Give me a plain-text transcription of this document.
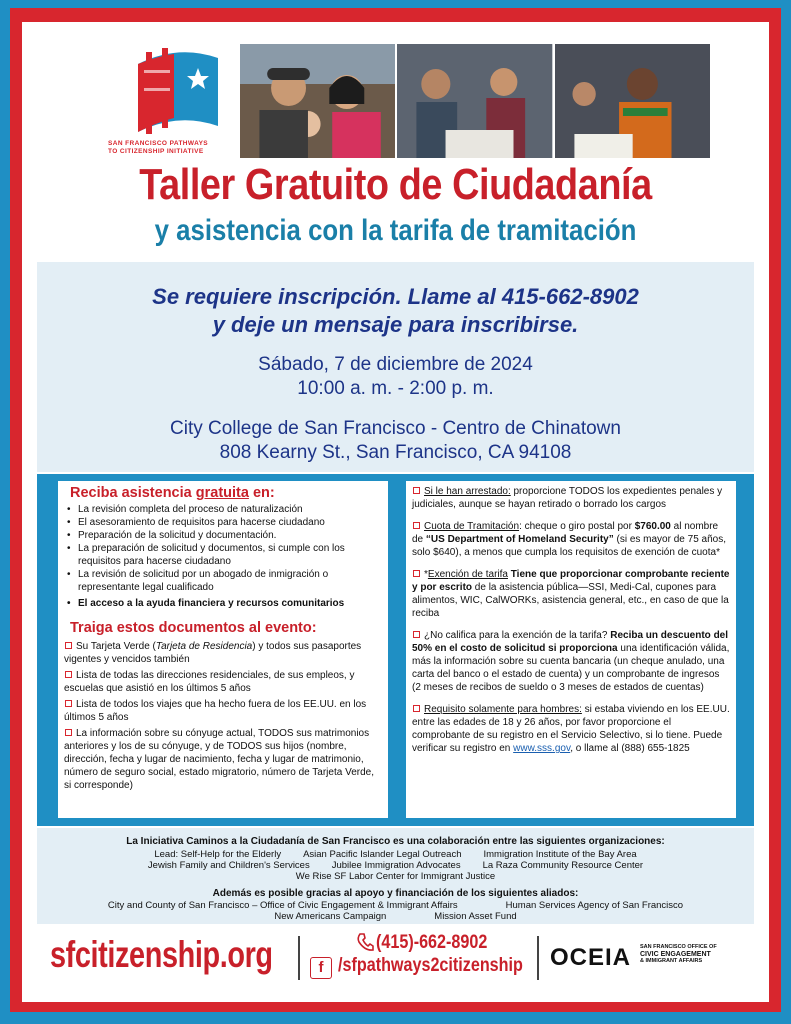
SAN FRANCISCO PATHWAYS
TO CITIZENSHIP INITIATIVE
Taller Gratuito de Ciudadanía
y asistencia con la tarifa de tramitación
Se requiere inscripción. Llame al 415-662-8902
y deje un mensaje para inscribirse.
Sábado, 7 de diciembre de 2024
10:00 a. m. - 2:00 p. m.
City College de San Francisco - Centro de Chinatown
808 Kearny St., San Francisco, CA 94108
Reciba asistencia gratuita en:
• La revisión completa del proceso de naturalización
• El asesoramiento de requisitos para hacerse ciudadano
• Preparación de la solicitud y documentación.
• La preparación de solicitud y documentos, si cumple con los requisitos para hacerse ciudadano
• La revisión de solicitud por un abogado de inmigración o representante legal cualificado
• El acceso a la ayuda financiera y recursos comunitarios
Traiga estos documentos al evento:
Su Tarjeta Verde (Tarjeta de Residencia) y todos sus pasaportes vigentes y vencidos también
Lista de todas las direcciones residenciales, de sus empleos, y escuelas que asistió en los últimos 5 años
Lista de todos los viajes que ha hecho fuera de los EE.UU. en los últimos 5 años
La información sobre su cónyuge actual, TODOS sus matrimonios anteriores y los de su cónyuge, y de TODOS sus hijos (nombre, dirección, fecha y lugar de nacimiento, fecha y lugar de matrimonio, número de seguro social, estado migratorio, número de Tarjeta Verde, si corresponde)
Si le han arrestado: proporcione TODOS los expedientes penales y judiciales, aunque se hayan retirado o borrado los cargos
Cuota de Tramitación: cheque o giro postal por $760.00 al nombre de “US Department of Homeland Security” (si es mayor de 75 años, solo $640), a menos que cumpla los requisitos de exención de cuota*
*Exención de tarifa Tiene que proporcionar comprobante reciente y por escrito de la asistencia pública—SSI, Medi-Cal, cupones para alimentos, WIC, CalWORKs, asistencia general, etc., en caso de que la reciba
¿No califica para la exención de la tarifa? Reciba un descuento del 50% en el costo de solicitud si proporciona una identificación válida, más la información sobre su cuenta bancaria (un cheque anulado, una carta del banco o el estado de cuenta) y un comprobante de ingresos (2 meses de recibos de sueldo o 3 meses de estados de cuentas)
Requisito solamente para hombres: si estaba viviendo en los EE.UU. entre las edades de 18 y 26 años, por favor proporcione el comprobante de su registro en el Servicio Selectivo, si lo tiene. Puede verificar su registro en www.sss.gov, o llame al (888) 655-1825
La Iniciativa Caminos a la Ciudadanía de San Francisco es una colaboración entre las siguientes organizaciones:
Lead: Self-Help for the Elderly Asian Pacific Islander Legal Outreach Immigration Institute of the Bay Area
Jewish Family and Children's Services Jubilee Immigration Advocates La Raza Community Resource Center
We Rise SF Labor Center for Immigrant Justice
Además es posible gracias al apoyo y financiación de los siguientes aliados:
City and County of San Francisco – Office of Civic Engagement & Immigrant Affairs	Human Services Agency of San Francisco
New Americans Campaign	Mission Asset Fund
sfcitizenship.org	(415)-662-8902
f /sfpathways2citizenship OCEIA SAN FRANCISCO OFFICE OF
CIVIC ENGAGEMENT
& IMMIGRANT AFFAIRS
